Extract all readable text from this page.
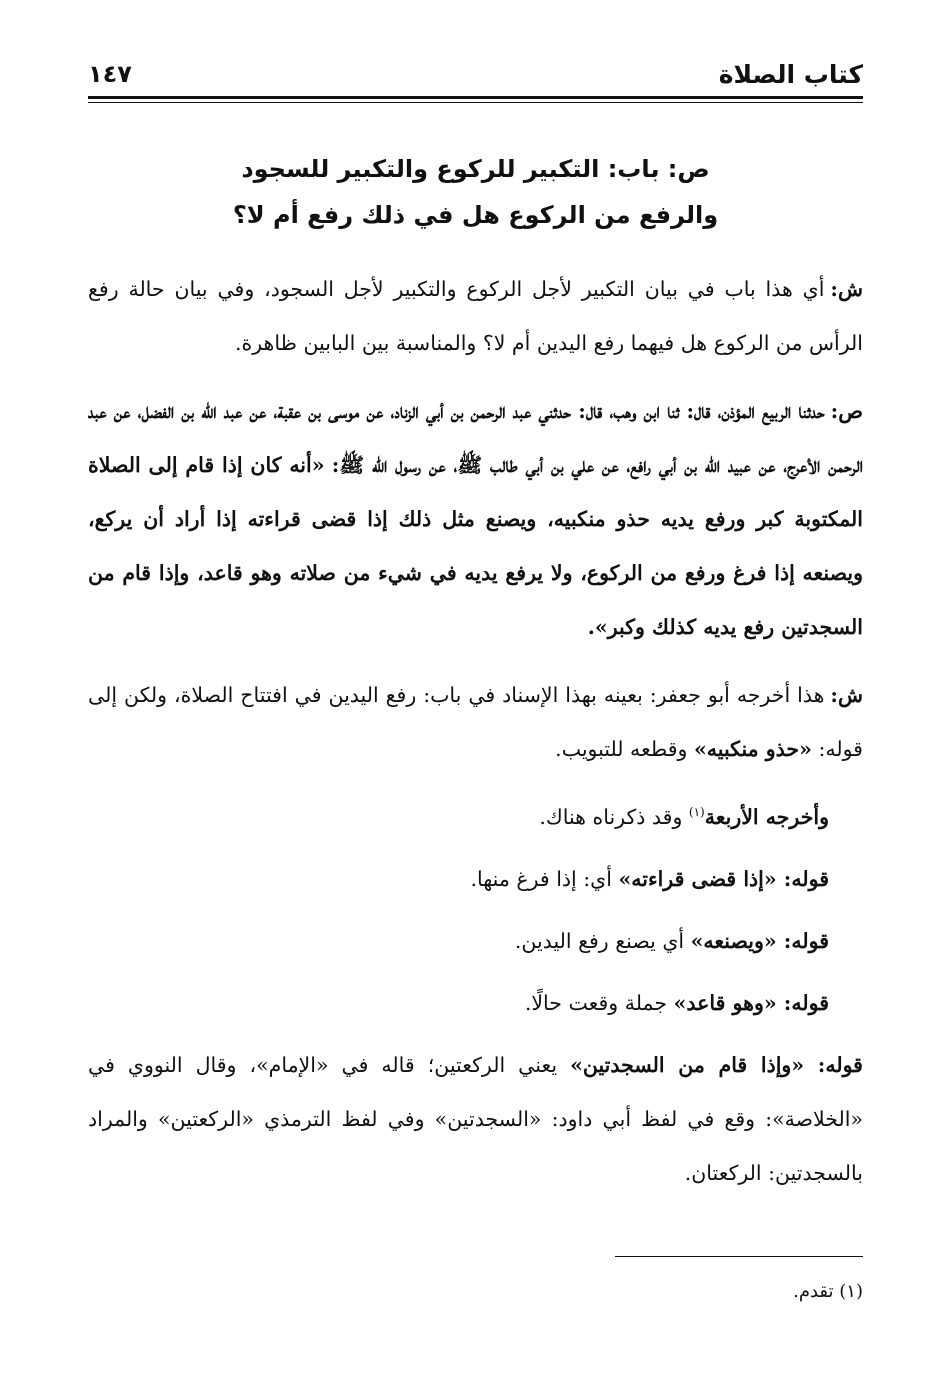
كتاب الصلاة
١٤٧
ص: باب: التكبير للركوع والتكبير للسجود
والرفع من الركوع هل في ذلك رفع أم لا؟

ش:أي هذا باب في بيان التكبير لأجل الركوع والتكبير لأجل السجود، وفي بيان حالة رفع الرأس من الركوع هل فيهما رفع اليدين أم لا؟ والمناسبة بين البابين ظاهرة.

ص:حدثنا الربيع المؤذن، قال: ثنا ابن وهب، قال: حدثني عبد الرحمن بن أبي الزناد، عن موسى بن عقبة، عن عبد الله بن الفضل، عن عبد الرحمن الأعرج، عن عبيد الله بن أبي رافع، عن علي بن أبي طالب ﷺ، عن رسول الله ﷺ: «أنه كان إذا قام إلى الصلاة المكتوبة كبر ورفع يديه حذو منكبيه، ويصنع مثل ذلك إذا قضى قراءته إذا أراد أن يركع، ويصنعه إذا فرغ ورفع من الركوع، ولا يرفع يديه في شيء من صلاته وهو قاعد، وإذا قام من السجدتين رفع يديه كذلك وكبر».

ش:هذا أخرجه أبو جعفر: بعينه بهذا الإسناد في باب: رفع اليدين في افتتاح الصلاة، ولكن إلى قوله: «حذو منكبيه» وقطعه للتبويب.

وأخرجه الأربعة$^{(١)}$ وقد ذكرناه هناك.

قوله: «إذا قضى قراءته» أي: إذا فرغ منها.

قوله: «ويصنعه» أي يصنع رفع اليدين.

قوله: «وهو قاعد» جملة وقعت حالًا.

قوله: «وإذا قام من السجدتين» يعني الركعتين؛ قاله في «الإمام»، وقال النووي في «الخلاصة»: وقع في لفظ أبي داود: «السجدتين» وفي لفظ الترمذي «الركعتين» والمراد بالسجدتين: الركعتان.

(١) تقدم.
